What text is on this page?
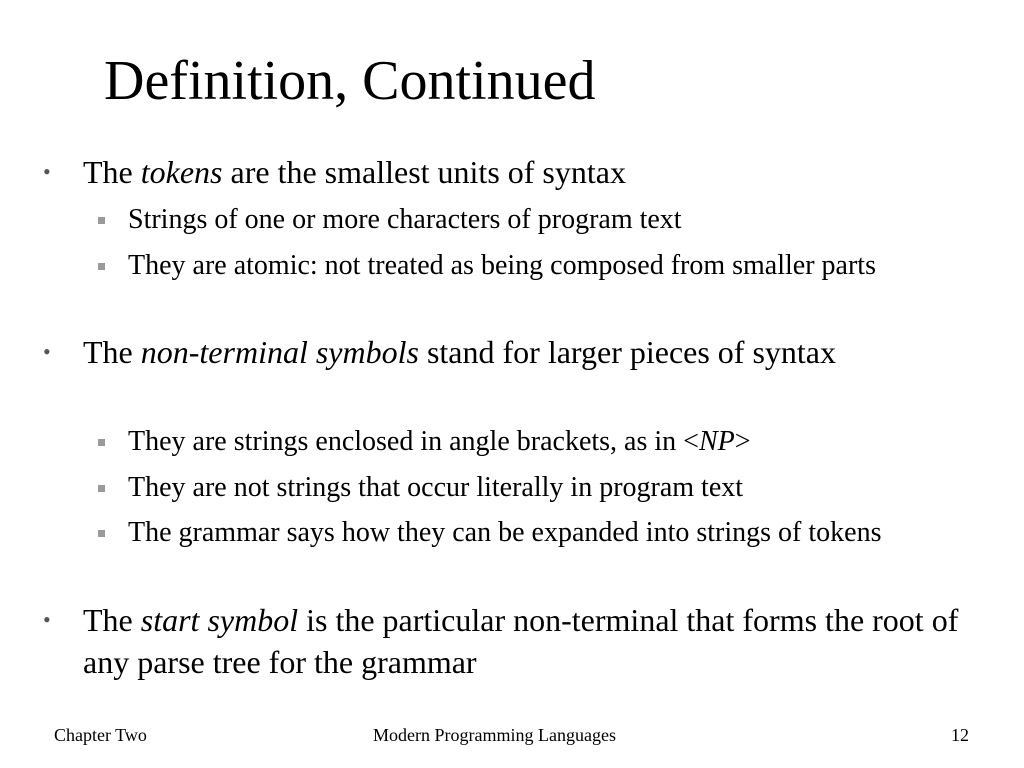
Definition, Continued
• The tokens are the smallest units of syntax
Strings of one or more characters of program text
They are atomic: not treated as being composed from smaller parts
• The non-terminal symbols stand for larger pieces of syntax
They are strings enclosed in angle brackets, as in <NP>
They are not strings that occur literally in program text
The grammar says how they can be expanded into strings of tokens
• The start symbol is the particular non-terminal that forms the root of any parse tree for the grammar
Chapter Two	Modern Programming Languages	12
